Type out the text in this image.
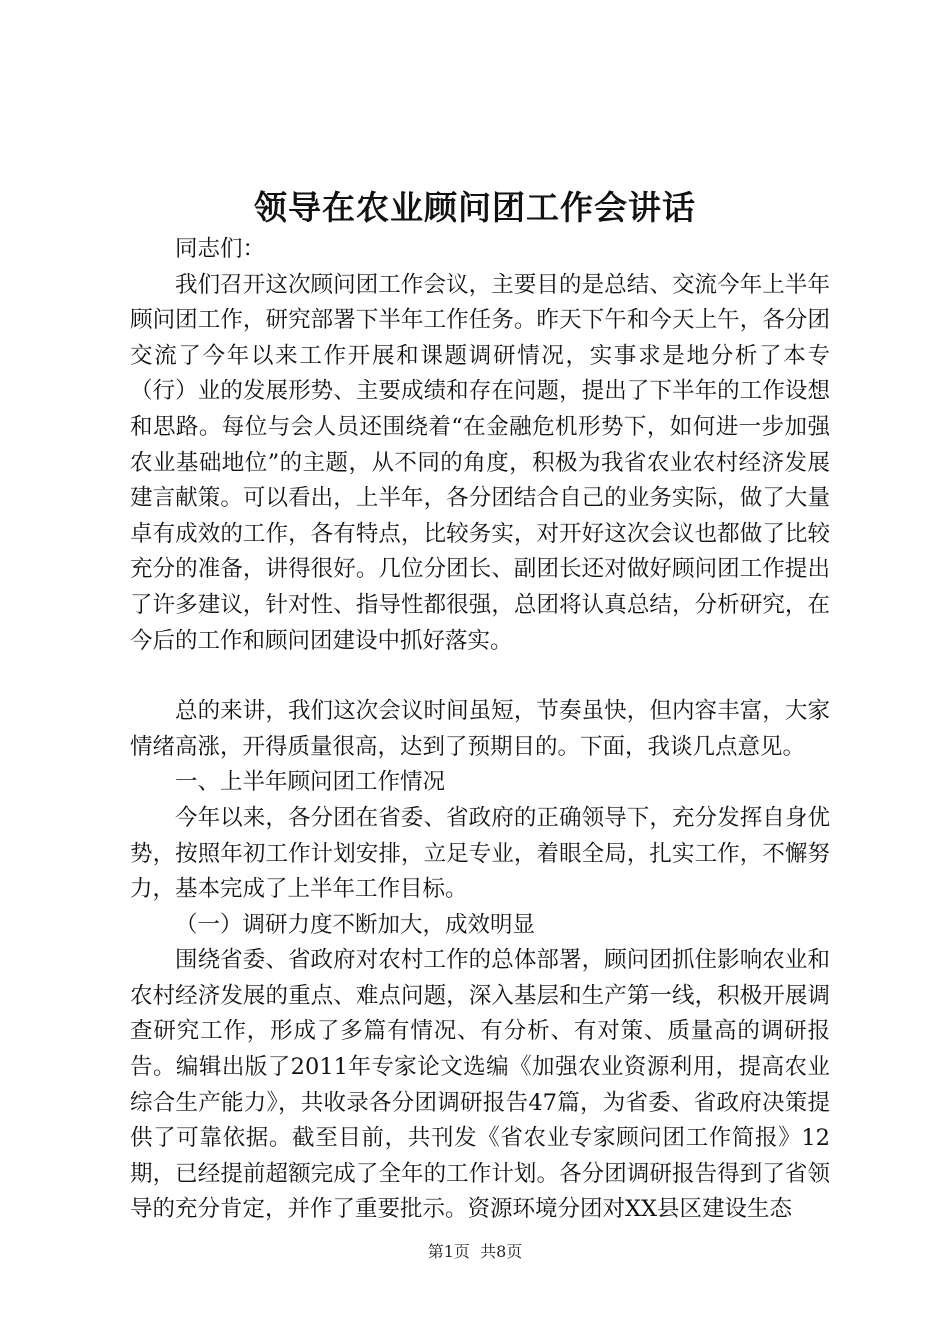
领导在农业顾问团工作会讲话

同志们：

我们召开这次顾问团工作会议，主要目的是总结、交流今年上半年顾问团工作，研究部署下半年工作任务。昨天下午和今天上午，各分团交流了今年以来工作开展和课题调研情况，实事求是地分析了本专（行）业的发展形势、主要成绩和存在问题，提出了下半年的工作设想和思路。每位与会人员还围绕着“在金融危机形势下，如何进一步加强农业基础地位”的主题，从不同的角度，积极为我省农业农村经济发展建言献策。可以看出，上半年，各分团结合自己的业务实际，做了大量卓有成效的工作，各有特点，比较务实，对开好这次会议也都做了比较充分的准备，讲得很好。几位分团长、副团长还对做好顾问团工作提出了许多建议，针对性、指导性都很强，总团将认真总结，分析研究，在今后的工作和顾问团建设中抓好落实。

总的来讲，我们这次会议时间虽短，节奏虽快，但内容丰富，大家情绪高涨，开得质量很高，达到了预期目的。下面，我谈几点意见。

一、上半年顾问团工作情况

今年以来，各分团在省委、省政府的正确领导下，充分发挥自身优势，按照年初工作计划安排，立足专业，着眼全局，扎实工作，不懈努力，基本完成了上半年工作目标。

（一）调研力度不断加大，成效明显

围绕省委、省政府对农村工作的总体部署，顾问团抓住影响农业和农村经济发展的重点、难点问题，深入基层和生产第一线，积极开展调查研究工作，形成了多篇有情况、有分析、有对策、质量高的调研报告。编辑出版了2011年专家论文选编《加强农业资源利用，提高农业综合生产能力》，共收录各分团调研报告47篇，为省委、省政府决策提供了可靠依据。截至目前，共刊发《省农业专家顾问团工作简报》12期，已经提前超额完成了全年的工作计划。各分团调研报告得到了省领导的充分肯定，并作了重要批示。资源环境分团对XX县区建设生态

第1页 共8页
